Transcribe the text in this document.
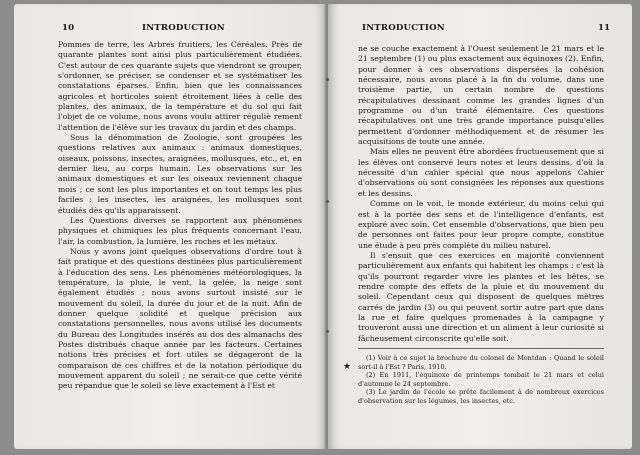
10	INTRODUCTION

Pommes de terre, les Arbres fruitiers, les Céréales. Près de quarante plantes sont ainsi plus particulièrement étudiées. C'est autour de ces quarante sujets que viendront se grouper, s'ordonner, se préciser, se condenser et se systématiser les constatations éparses. Enfin, bien que les connaissances agricoles et horticoles soient étroitement liées à celle des plantes, des animaux, de la température et du sol qui fait l'objet de ce volume, nous avons voulu attirer réguliè rement l'attention de l'élève sur les travaux du jardin et des champs.

Sous la dénomination de Zoologie, sont groupées les questions relatives aux animaux : animaux domestiques, oiseaux, poissons, insectes, araignées, mollusques, etc., et, en dernier lieu, au corps humain. Les observations sur les animaux domestiques et sur les oiseaux reviennent chaque mois ; ce sont les plus importantes et on tout temps les plus faciles ; les insectes, les araignées, les mollusques sont étudiés dès qu'ils apparaissent.

Les Questions diverses se rapportent aux phénomènes physiques et chimiques les plus fréquents concernant l'eau, l'air, la combustion, la lumière, les roches et les métaux.

Nous y avons joint quelques observations d'ordre tout à fait pratique et des questions destinées plus particulièrement à l'éducation des sens. Les phénomènes météorologiques, la température, la pluie, le vent, la gelée, la neige sont également étudiés ; nous avons surtout insisté sur le mouvement du soleil, la durée du jour et de la nuit. Afin de donner quelque solidité et quelque précision aux constatations personnelles, nous avons utilisé les documents du Bureau des Longitudes insérés au dos des almanachs des Postes distribués chaque année par les facteurs. Certaines notions très précises et fort utiles se dégageront de la comparaison de ces chiffres et de la notation périodique du mouvement apparent du soleil ; ne serait-ce que cette vérité peu répandue que le soleil se lève exactement à l'Est et

INTRODUCTION	11

ne se couche exactement à l'Ouest seulement le 21 mars et le 21 septembre (1) ou plus exactement aux équinoxes (2). Enfin, pour donner à ces observations dispersées la cohésion nécessaire, nous avons placé à la fin du volume, dans une troisième partie, un certain nombre de questions récapitulatives dessinant comme les grandes lignes d'un programme ou d'un traité élémentaire. Ces questions récapitulatives ont une très grande importance puisqu'elles permettent d'ordonner méthodiquement et de résumer les acquisitions de toute une année.

Mais elles ne peuvent être abordées fructueusement que si les élèves ont conservé leurs notes et leurs dessins, d'où la nécessité d'un cahier spécial que nous appelons Cahier d'observations où sont consignées les réponses aux questions et les dessins.

Comme on le voit, le monde extérieur, du moins celui qui est à la portée des sens et de l'intelligence d'enfants, est exploré avec soin. Cet ensemble d'observations, que bien peu de personnes ont faites pour leur propre compte, constitue une étude à peu près complète du milieu naturel.

Il s'ensuit que ces exercices en majorité conviennent particulièrement aux enfants qui habitent les champs : c'est là qu'ils pourront regarder vivre les plantes et les bêtes, se rendre compte des effets de la pluie et du mouvement du soleil. Cependant ceux qui disposent de quelques mètres carrés de jardin (3) ou qui peuvent sortir autre part que dans la rue et faire quelques promenades à la campagne y trouveront aussi une direction et un aliment à leur curiosité si fâcheusement circonscrite qu'elle soit.

(1) Voir à ce sujet la brochure du colonel de Montdan : Quand le soleil sort-il à l'Est ? Paris, 1910.

(2) En 1911, l'équinoxe de printemps tombait le 21 mars et celui d'automne le 24 septembre.

(3) Le jardin de l'école se prête facilement à de nombreux exercices d'observation sur les légumes, les insectes, etc.

★
